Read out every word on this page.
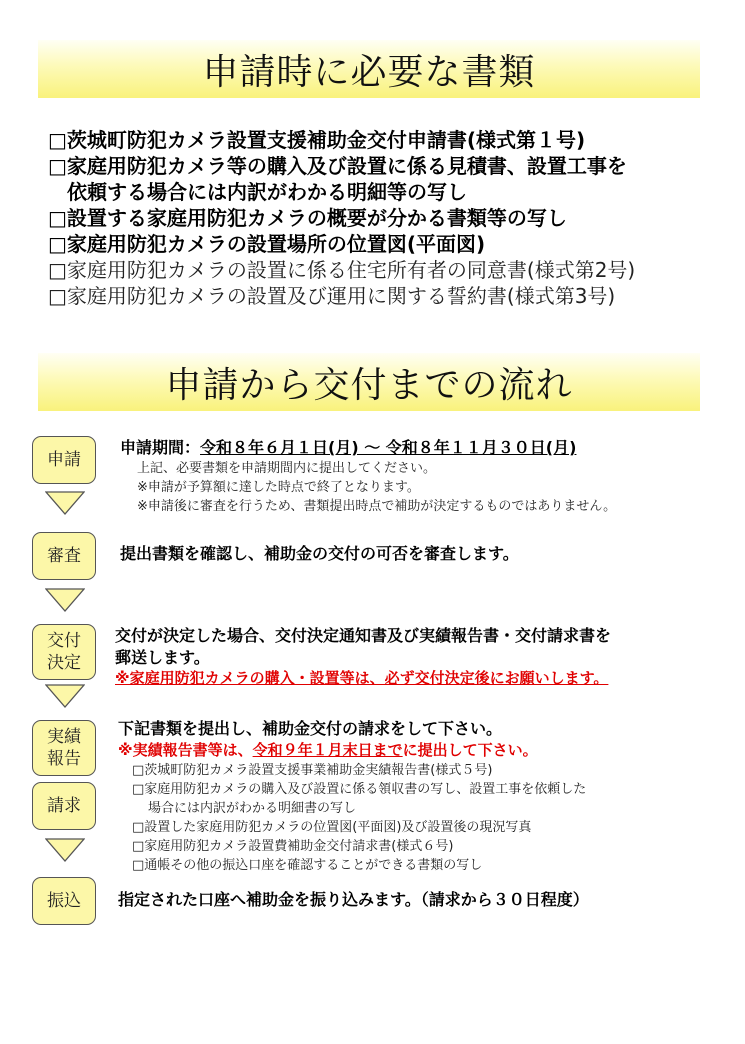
申請時に必要な書類
□茨城町防犯カメラ設置支援補助金交付申請書(様式第１号)
□家庭用防犯カメラ等の購入及び設置に係る見積書、設置工事を
依頼する場合には内訳がわかる明細等の写し
□設置する家庭用防犯カメラの概要が分かる書類等の写し
□家庭用防犯カメラの設置場所の位置図(平面図)
□家庭用防犯カメラの設置に係る住宅所有者の同意書(様式第2号)
□家庭用防犯カメラの設置及び運用に関する誓約書(様式第3号)
申請から交付までの流れ
申請
申請期間：令和８年６月１日(月) ～ 令和８年１１月３０日(月)
上記、必要書類を申請期間内に提出してください。
※申請が予算額に達した時点で終了となります。
※申請後に審査を行うため、書類提出時点で補助が決定するものではありません。
審査 提出書類を確認し、補助金の交付の可否を審査します。
交付
決定
交付が決定した場合、交付決定通知書及び実績報告書・交付請求書を
郵送します。
※家庭用防犯カメラの購入・設置等は、必ず交付決定後にお願いします。
実績
報告
下記書類を提出し、補助金交付の請求をして下さい。
※実績報告書等は、令和９年１月末日までに提出して下さい。
□茨城町防犯カメラ設置支援事業補助金実績報告書(様式５号)
□家庭用防犯カメラの購入及び設置に係る領収書の写し、設置工事を依頼した
場合には内訳がわかる明細書の写し
□設置した家庭用防犯カメラの位置図(平面図)及び設置後の現況写真
□家庭用防犯カメラ設置費補助金交付請求書(様式６号)
□通帳その他の振込口座を確認することができる書類の写し
請求
振込 指定された口座へ補助金を振り込みます。（請求から３０日程度）
